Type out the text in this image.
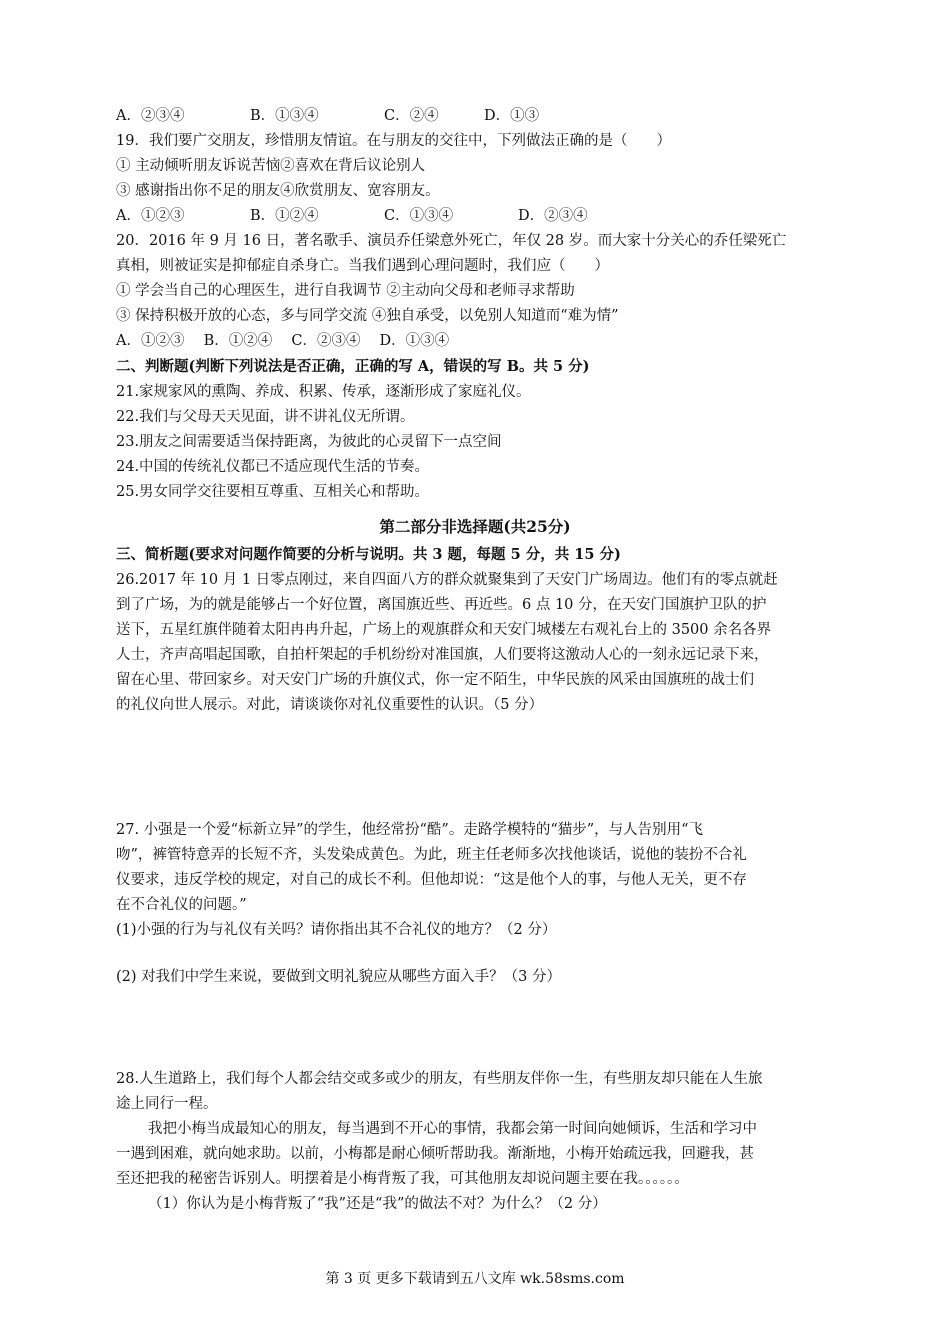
A．②③④	B．①③④	C．②④	D．①③
19．我们要广交朋友，珍惜朋友情谊。在与朋友的交往中，下列做法正确的是（　　）
① 主动倾听朋友诉说苦恼②喜欢在背后议论别人
③ 感谢指出你不足的朋友④欣赏朋友、宽容朋友。
A．①②③	B．①②④	C．①③④	D．②③④
20．2016 年 9 月 16 日，著名歌手、演员乔任梁意外死亡，年仅 28 岁。而大家十分关心的乔任梁死亡
真相，则被证实是抑郁症自杀身亡。当我们遇到心理问题时，我们应（　　）
① 学会当自己的心理医生，进行自我调节 ②主动向父母和老师寻求帮助
③ 保持积极开放的心态，多与同学交流 ④独自承受，以免别人知道而“难为情”
A．①②③　 B．①②④　 C．②③④　 D．①③④
二、判断题(判断下列说法是否正确，正确的写 A，错误的写 B。共 5 分)
21.家规家风的熏陶、养成、积累、传承，逐渐形成了家庭礼仪。
22.我们与父母天天见面，讲不讲礼仪无所谓。
23.朋友之间需要适当保持距离，为彼此的心灵留下一点空间
24.中国的传统礼仪都已不适应现代生活的节奏。
25.男女同学交往要相互尊重、互相关心和帮助。
第二部分非选择题(共25分)
三、简析题(要求对问题作简要的分析与说明。共 3 题，每题 5 分，共 15 分)
26.2017 年 10 月 1 日零点刚过，来自四面八方的群众就聚集到了天安门广场周边。他们有的零点就赶
到了广场，为的就是能够占一个好位置，离国旗近些、再近些。6 点 10 分，在天安门国旗护卫队的护
送下，五星红旗伴随着太阳冉冉升起，广场上的观旗群众和天安门城楼左右观礼台上的 3500 余名各界
人士，齐声高唱起国歌，自拍杆架起的手机纷纷对准国旗，人们要将这激动人心的一刻永远记录下来，
留在心里、带回家乡。对天安门广场的升旗仪式，你一定不陌生，中华民族的风采由国旗班的战士们
的礼仪向世人展示。对此，请谈谈你对礼仪重要性的认识。（5 分）
27. 小强是一个爱“标新立异”的学生，他经常扮“酷”。走路学模特的“猫步”，与人告别用“飞
吻”，裤管特意弄的长短不齐，头发染成黄色。为此，班主任老师多次找他谈话，说他的装扮不合礼
仪要求，违反学校的规定，对自己的成长不利。但他却说：“这是他个人的事，与他人无关，更不存
在不合礼仪的问题。”
(1)小强的行为与礼仪有关吗？请你指出其不合礼仪的地方？（2 分）
(2) 对我们中学生来说，要做到文明礼貌应从哪些方面入手？（3 分）
28.人生道路上，我们每个人都会结交或多或少的朋友，有些朋友伴你一生，有些朋友却只能在人生旅
途上同行一程。
我把小梅当成最知心的朋友，每当遇到不开心的事情，我都会第一时间向她倾诉，生活和学习中
一遇到困难，就向她求助。以前，小梅都是耐心倾听帮助我。渐渐地，小梅开始疏远我，回避我，甚
至还把我的秘密告诉别人。明摆着是小梅背叛了我，可其他朋友却说问题主要在我。。。。。。
（1）你认为是小梅背叛了“我”还是“我”的做法不对？为什么？（2 分）
第 3 页 更多下载请到五八文库 wk.58sms.com
